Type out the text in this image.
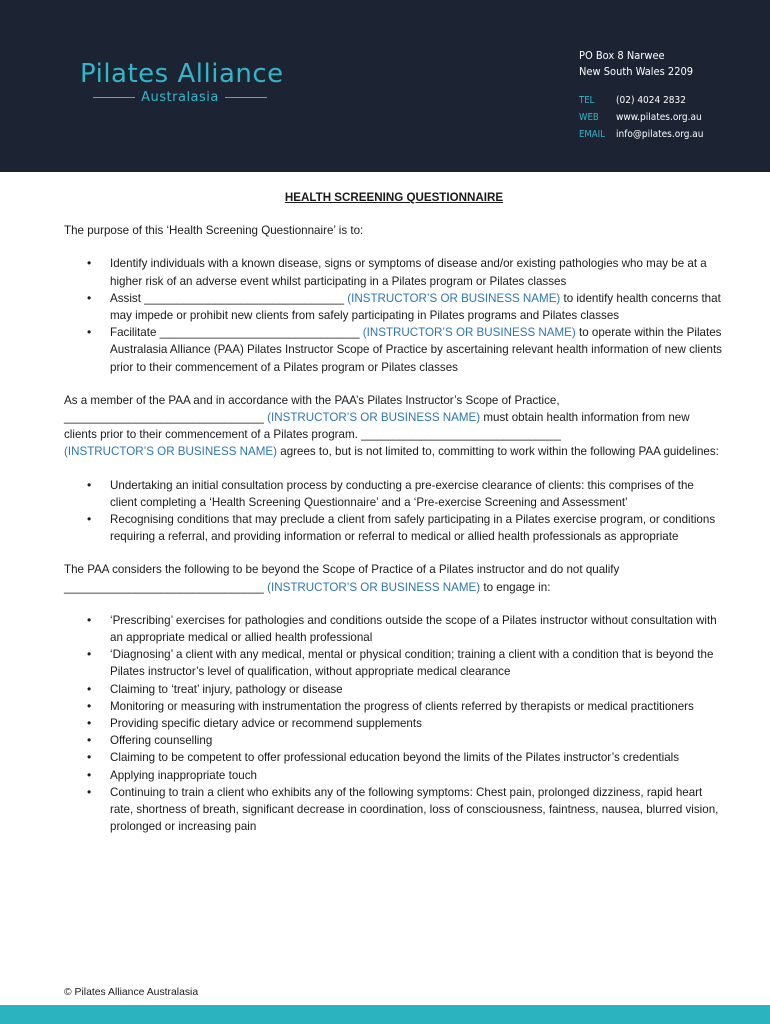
Pilates Alliance
Australasia
PO Box 8 Narwee
New South Wales 2209
TEL (02) 4024 2832
WEB www.pilates.org.au
EMAIL info@pilates.org.au
HEALTH SCREENING QUESTIONNAIRE

The purpose of this ‘Health Screening Questionnaire’ is to:

• Identify individuals with a known disease, signs or symptoms of disease and/or existing pathologies who may be at a higher risk of an adverse event whilst participating in a Pilates program or Pilates classes
• Assist _______________________________ (INSTRUCTOR’S OR BUSINESS NAME) to identify health concerns that may impede or prohibit new clients from safely participating in Pilates programs and Pilates classes
• Facilitate _______________________________ (INSTRUCTOR’S OR BUSINESS NAME) to operate within the Pilates Australasia Alliance (PAA) Pilates Instructor Scope of Practice by ascertaining relevant health information of new clients prior to their commencement of a Pilates program or Pilates classes

As a member of the PAA and in accordance with the PAA’s Pilates Instructor’s Scope of Practice,
_______________________________ (INSTRUCTOR’S OR BUSINESS NAME) must obtain health information from new clients prior to their commencement of a Pilates program. _______________________________
(INSTRUCTOR’S OR BUSINESS NAME) agrees to, but is not limited to, committing to work within the following PAA guidelines:

• Undertaking an initial consultation process by conducting a pre-exercise clearance of clients: this comprises of the client completing a ‘Health Screening Questionnaire’ and a ‘Pre-exercise Screening and Assessment’
• Recognising conditions that may preclude a client from safely participating in a Pilates exercise program, or conditions requiring a referral, and providing information or referral to medical or allied health professionals as appropriate

The PAA considers the following to be beyond the Scope of Practice of a Pilates instructor and do not qualify
_______________________________ (INSTRUCTOR’S OR BUSINESS NAME) to engage in:

• ‘Prescribing’ exercises for pathologies and conditions outside the scope of a Pilates instructor without consultation with an appropriate medical or allied health professional
• ‘Diagnosing’ a client with any medical, mental or physical condition; training a client with a condition that is beyond the Pilates instructor’s level of qualification, without appropriate medical clearance
• Claiming to ‘treat’ injury, pathology or disease
• Monitoring or measuring with instrumentation the progress of clients referred by therapists or medical practitioners
• Providing specific dietary advice or recommend supplements
• Offering counselling
• Claiming to be competent to offer professional education beyond the limits of the Pilates instructor’s credentials
• Applying inappropriate touch
• Continuing to train a client who exhibits any of the following symptoms: Chest pain, prolonged dizziness, rapid heart rate, shortness of breath, significant decrease in coordination, loss of consciousness, faintness, nausea, blurred vision, prolonged or increasing pain
© Pilates Alliance Australasia
